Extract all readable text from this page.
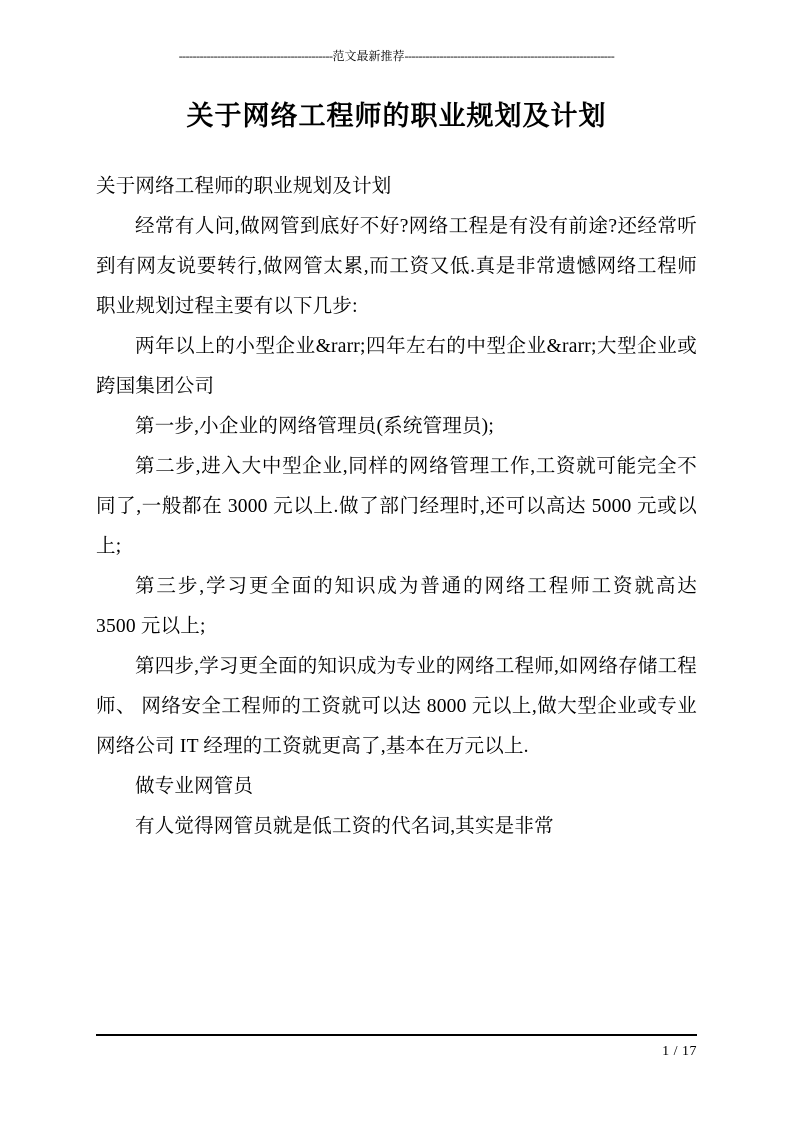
--------------------------------------------范文最新推荐------------------------------------------------------------
关于网络工程师的职业规划及计划

关于网络工程师的职业规划及计划

经常有人问,做网管到底好不好?网络工程是有没有前途?还经常听到有网友说要转行,做网管太累,而工资又低.真是非常遗憾网络工程师职业规划过程主要有以下几步:

两年以上的小型企业&rarr;四年左右的中型企业&rarr;大型企业或跨国集团公司

第一步,小企业的网络管理员(系统管理员);

第二步,进入大中型企业,同样的网络管理工作,工资就可能完全不同了,一般都在 3000 元以上.做了部门经理时,还可以高达 5000 元或以上;

第三步,学习更全面的知识成为普通的网络工程师工资就高达 3500 元以上;

第四步,学习更全面的知识成为专业的网络工程师,如网络存储工程师、 网络安全工程师的工资就可以达 8000 元以上,做大型企业或专业网络公司 IT 经理的工资就更高了,基本在万元以上.

做专业网管员

有人觉得网管员就是低工资的代名词,其实是非常

1 / 17
